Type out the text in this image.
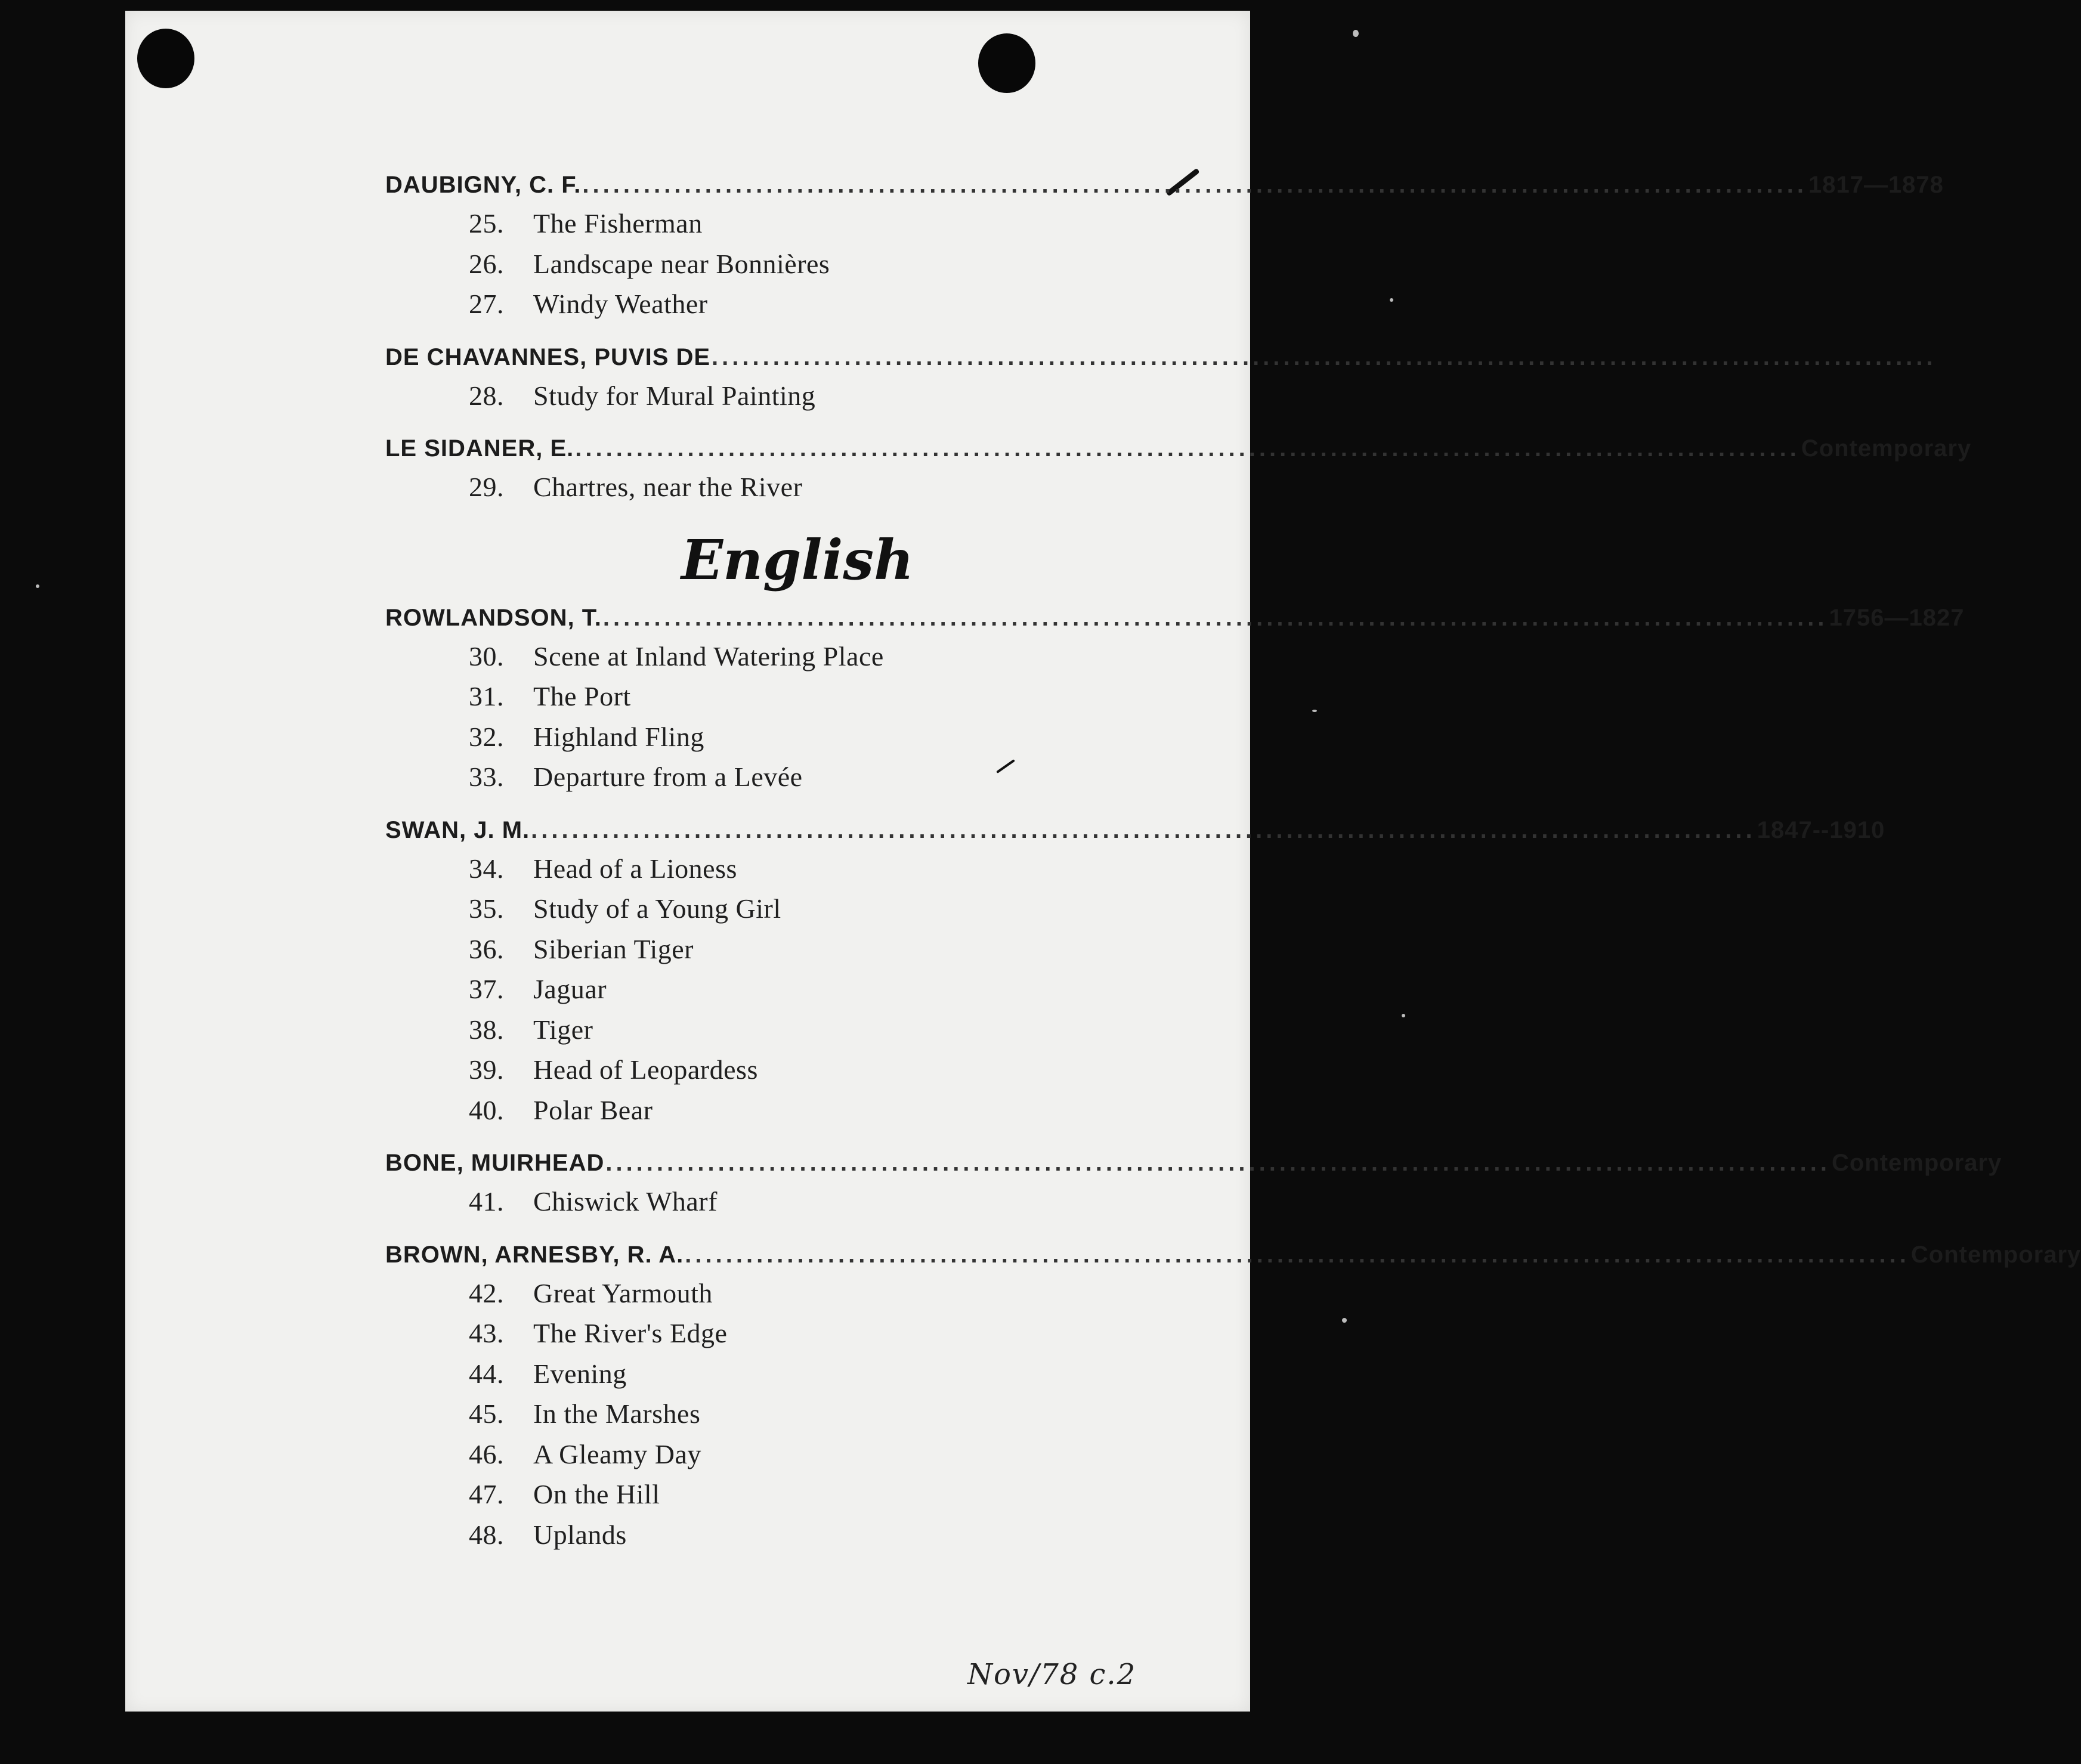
DAUBIGNY, C. F. ........................................................................................................................ 1817—1878
25.	The Fisherman
26.	Landscape near Bonnières
27.	Windy Weather
DE CHAVANNES, PUVIS DE ........................................................................................................................
28.	Study for Mural Painting
LE SIDANER, E. ........................................................................................................................ Contemporary
29.	Chartres, near the River
English
ROWLANDSON, T. ........................................................................................................................ 1756—1827
30.	Scene at Inland Watering Place
31.	The Port
32.	Highland Fling
33.	Departure from a Levée
SWAN, J. M. ........................................................................................................................ 1847--1910
34.	Head of a Lioness
35.	Study of a Young Girl
36.	Siberian Tiger
37.	Jaguar
38.	Tiger
39.	Head of Leopardess
40.	Polar Bear
BONE, MUIRHEAD ........................................................................................................................ Contemporary
41.	Chiswick Wharf
BROWN, ARNESBY, R. A. ........................................................................................................................ Contemporary
42.	Great Yarmouth
43.	The River's Edge
44.	Evening
45.	In the Marshes
46.	A Gleamy Day
47.	On the Hill
48.	Uplands
Nov/78 c.2
